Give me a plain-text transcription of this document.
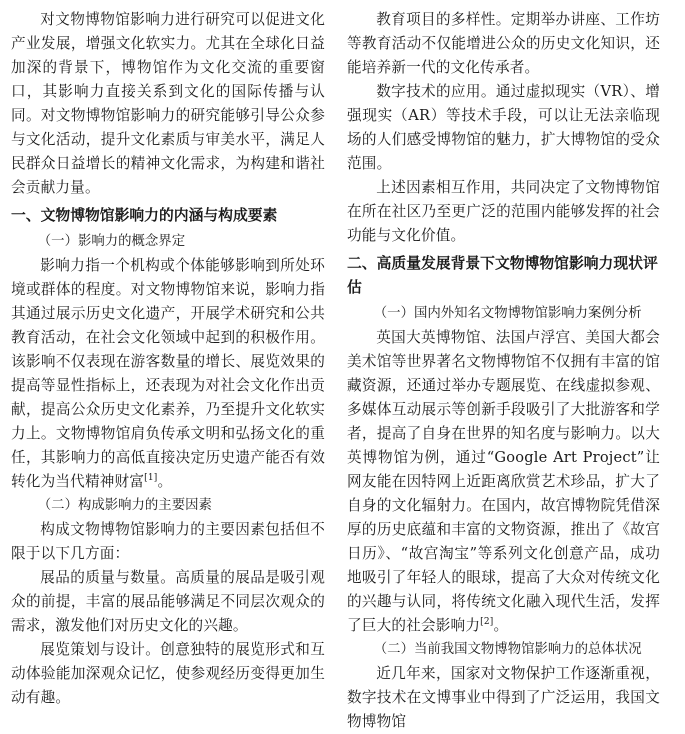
对文物博物馆影响力进行研究可以促进文化产业发展，增强文化软实力。尤其在全球化日益加深的背景下，博物馆作为文化交流的重要窗口，其影响力直接关系到文化的国际传播与认同。对文物博物馆影响力的研究能够引导公众参与文化活动，提升文化素质与审美水平，满足人民群众日益增长的精神文化需求，为构建和谐社会贡献力量。

一、文物博物馆影响力的内涵与构成要素
（一）影响力的概念界定

影响力指一个机构或个体能够影响到所处环境或群体的程度。对文物博物馆来说，影响力指其通过展示历史文化遗产，开展学术研究和公共教育活动，在社会文化领域中起到的积极作用。该影响不仅表现在游客数量的增长、展览效果的提高等显性指标上，还表现为对社会文化作出贡献，提高公众历史文化素养，乃至提升文化软实力上。文物博物馆肩负传承文明和弘扬文化的重任，其影响力的高低直接决定历史遗产能否有效转化为当代精神财富[1]。

（二）构成影响力的主要因素

构成文物博物馆影响力的主要因素包括但不限于以下几方面：

展品的质量与数量。高质量的展品是吸引观众的前提，丰富的展品能够满足不同层次观众的需求，激发他们对历史文化的兴趣。

展览策划与设计。创意独特的展览形式和互动体验能加深观众记忆，使参观经历变得更加生动有趣。

教育项目的多样性。定期举办讲座、工作坊等教育活动不仅能增进公众的历史文化知识，还能培养新一代的文化传承者。

数字技术的应用。通过虚拟现实（VR）、增强现实（AR）等技术手段，可以让无法亲临现场的人们感受博物馆的魅力，扩大博物馆的受众范围。

上述因素相互作用，共同决定了文物博物馆在所在社区乃至更广泛的范围内能够发挥的社会功能与文化价值。

二、高质量发展背景下文物博物馆影响力现状评估
（一）国内外知名文物博物馆影响力案例分析

英国大英博物馆、法国卢浮宫、美国大都会美术馆等世界著名文物博物馆不仅拥有丰富的馆藏资源，还通过举办专题展览、在线虚拟参观、多媒体互动展示等创新手段吸引了大批游客和学者，提高了自身在世界的知名度与影响力。以大英博物馆为例，通过“Google Art Project”让网友能在因特网上近距离欣赏艺术珍品，扩大了自身的文化辐射力。在国内，故宫博物院凭借深厚的历史底蕴和丰富的文物资源，推出了《故宫日历》、“故宫淘宝”等系列文化创意产品，成功地吸引了年轻人的眼球，提高了大众对传统文化的兴趣与认同，将传统文化融入现代生活，发挥了巨大的社会影响力[2]。

（二）当前我国文物博物馆影响力的总体状况

近几年来，国家对文物保护工作逐渐重视，数字技术在文博事业中得到了广泛运用，我国文物博物馆
